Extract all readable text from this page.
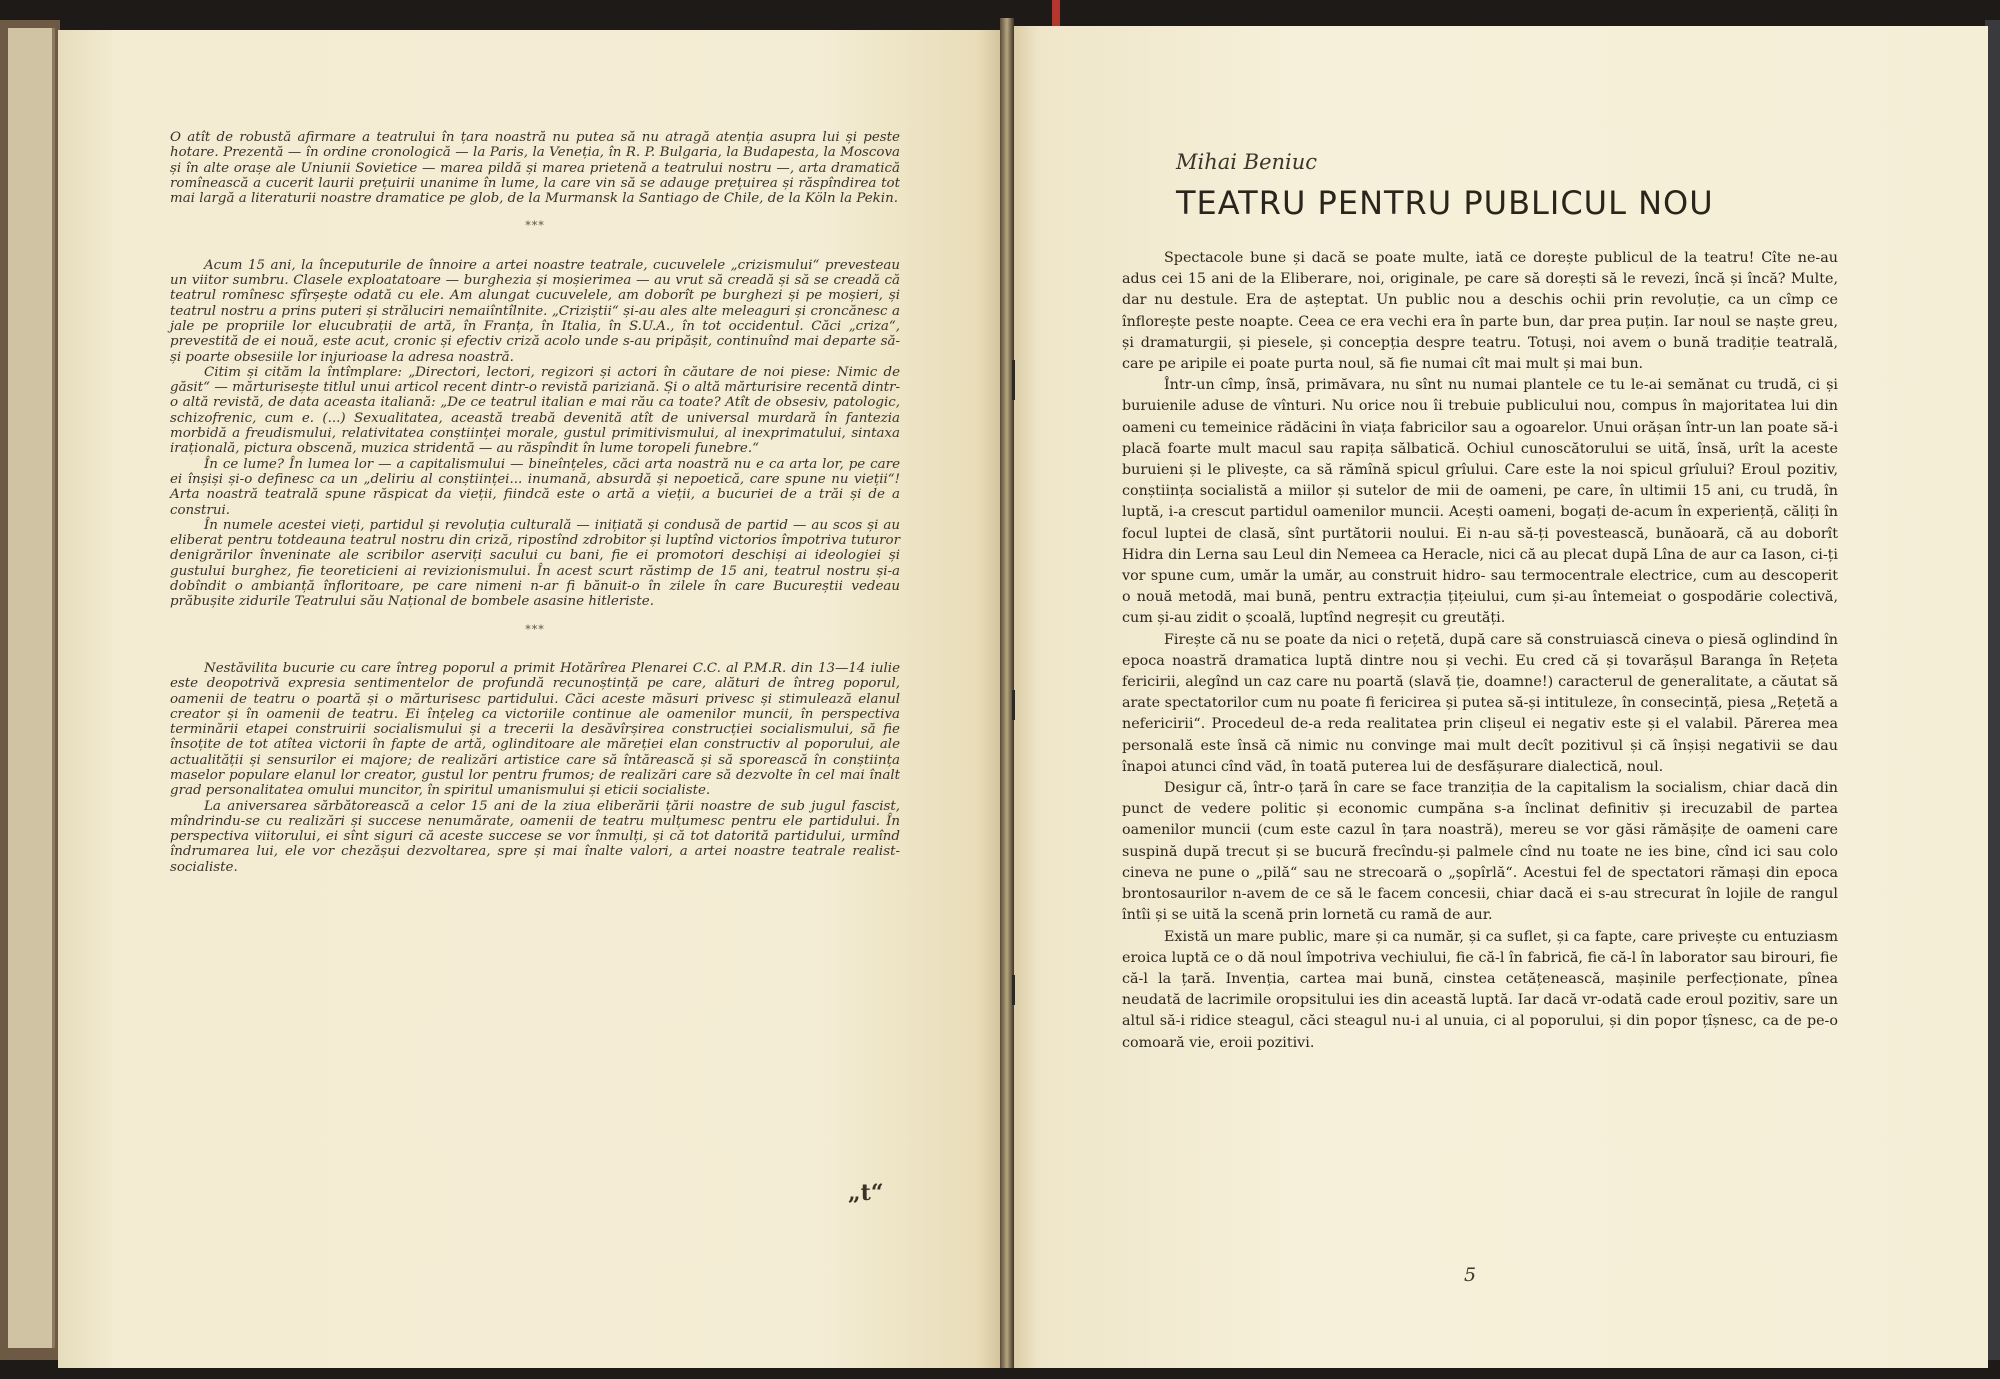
O atît de robustă afirmare a teatrului în țara noastră nu putea să nu atragă atenția asupra lui și peste hotare. Prezentă — în ordine cronologică — la Paris, la Veneția, în R. P. Bulgaria, la Budapesta, la Moscova și în alte orașe ale Uniunii Sovietice — marea pildă și marea prietenă a teatrului nostru —, arta dramatică romînească a cucerit laurii prețuirii unanime în lume, la care vin să se adauge prețuirea și răspîndirea tot mai largă a literaturii noastre dramatice pe glob, de la Murmansk la Santiago de Chile, de la Köln la Pekin.

***

Acum 15 ani, la începuturile de înnoire a artei noastre teatrale, cucuvelele „crizismului“ prevesteau un viitor sumbru. Clasele exploatatoare — burghezia și moșierimea — au vrut să creadă și să se creadă că teatrul romînesc sfîrșește odată cu ele. Am alungat cucuvelele, am doborît pe burghezi și pe moșieri, și teatrul nostru a prins puteri și străluciri nemaiîntîlnite. „Criziștii“ și-au ales alte meleaguri și croncănesc a jale pe propriile lor elucubrații de artă, în Franța, în Italia, în S.U.A., în tot occidentul. Căci „criza“, prevestită de ei nouă, este acut, cronic și efectiv criză acolo unde s-au pripășit, continuînd mai departe să-și poarte obsesiile lor injurioase la adresa noastră.

Citim și cităm la întîmplare: „Directori, lectori, regizori și actori în căutare de noi piese: Nimic de găsit“ — mărturisește titlul unui articol recent dintr-o revistă pariziană. Și o altă mărturisire recentă dintr-o altă revistă, de data aceasta italiană: „De ce teatrul italian e mai rău ca toate? Atît de obsesiv, patologic, schizofrenic, cum e. (...) Sexualitatea, această treabă devenită atît de universal murdară în fantezia morbidă a freudismului, relativitatea conștiinței morale, gustul primitivismului, al inexprimatului, sintaxa irațională, pictura obscenă, muzica stridentă — au răspîndit în lume toropeli funebre.“

În ce lume? În lumea lor — a capitalismului — bineînțeles, căci arta noastră nu e ca arta lor, pe care ei înșiși și-o definesc ca un „deliriu al conștiinței... inumană, absurdă și nepoetică, care spune nu vieții“! Arta noastră teatrală spune răspicat da vieții, fiindcă este o artă a vieții, a bucuriei de a trăi și de a construi.

În numele acestei vieți, partidul și revoluția culturală — inițiată și condusă de partid — au scos și au eliberat pentru totdeauna teatrul nostru din criză, ripostînd zdrobitor și luptînd victorios împotriva tuturor denigrărilor înveninate ale scribilor aserviți sacului cu bani, fie ei promotori deschiși ai ideologiei și gustului burghez, fie teoreticieni ai revizionismului. În acest scurt răstimp de 15 ani, teatrul nostru și-a dobîndit o ambianță înfloritoare, pe care nimeni n-ar fi bănuit-o în zilele în care Bucureștii vedeau prăbușite zidurile Teatrului său Național de bombele asasine hitleriste.

***

Nestăvilita bucurie cu care întreg poporul a primit Hotărîrea Plenarei C.C. al P.M.R. din 13—14 iulie este deopotrivă expresia sentimentelor de profundă recunoștință pe care, alături de întreg poporul, oamenii de teatru o poartă și o mărturisesc partidului. Căci aceste măsuri privesc și stimulează elanul creator și în oamenii de teatru. Ei înțeleg ca victoriile continue ale oamenilor muncii, în perspectiva terminării etapei construirii socialismului și a trecerii la desăvîrșirea construcției socialismului, să fie însoțite de tot atîtea victorii în fapte de artă, oglinditoare ale măreției elan constructiv al poporului, ale actualității și sensurilor ei majore; de realizări artistice care să întărească și să sporească în conștiința maselor populare elanul lor creator, gustul lor pentru frumos; de realizări care să dezvolte în cel mai înalt grad personalitatea omului muncitor, în spiritul umanismului și eticii socialiste.

La aniversarea sărbătorească a celor 15 ani de la ziua eliberării țării noastre de sub jugul fascist, mîndrindu-se cu realizări și succese nenumărate, oamenii de teatru mulțumesc pentru ele partidului. În perspectiva viitorului, ei sînt siguri că aceste succese se vor înmulți, și că tot datorită partidului, urmînd îndrumarea lui, ele vor chezășui dezvoltarea, spre și mai înalte valori, a artei noastre teatrale realist-socialiste.

„t“
Mihai Beniuc
TEATRU PENTRU PUBLICUL NOU

Spectacole bune și dacă se poate multe, iată ce dorește publicul de la teatru! Cîte ne-au adus cei 15 ani de la Eliberare, noi, originale, pe care să dorești să le revezi, încă și încă? Multe, dar nu destule. Era de așteptat. Un public nou a deschis ochii prin revoluție, ca un cîmp ce înflorește peste noapte. Ceea ce era vechi era în parte bun, dar prea puțin. Iar noul se naște greu, și dramaturgii, și piesele, și concepția despre teatru. Totuși, noi avem o bună tradiție teatrală, care pe aripile ei poate purta noul, să fie numai cît mai mult și mai bun.

Într-un cîmp, însă, primăvara, nu sînt nu numai plantele ce tu le-ai semănat cu trudă, ci și buruienile aduse de vînturi. Nu orice nou îi trebuie publicului nou, compus în majoritatea lui din oameni cu temeinice rădăcini în viața fabricilor sau a ogoarelor. Unui orășan într-un lan poate să-i placă foarte mult macul sau rapița sălbatică. Ochiul cunoscătorului se uită, însă, urît la aceste buruieni și le plivește, ca să rămînă spicul grîului. Care este la noi spicul grîului? Eroul pozitiv, conștiința socialistă a miilor și sutelor de mii de oameni, pe care, în ultimii 15 ani, cu trudă, în luptă, i-a crescut partidul oamenilor muncii. Acești oameni, bogați de-acum în experiență, căliți în focul luptei de clasă, sînt purtătorii noului. Ei n-au să-ți povestească, bunăoară, că au doborît Hidra din Lerna sau Leul din Nemeea ca Heracle, nici că au plecat după Lîna de aur ca Iason, ci-ți vor spune cum, umăr la umăr, au construit hidro- sau termocentrale electrice, cum au descoperit o nouă metodă, mai bună, pentru extracția țițeiului, cum și-au întemeiat o gospodărie colectivă, cum și-au zidit o școală, luptînd negreșit cu greutăți.

Firește că nu se poate da nici o rețetă, după care să construiască cineva o piesă oglindind în epoca noastră dramatica luptă dintre nou și vechi. Eu cred că și tovarășul Baranga în Rețeta fericirii, alegînd un caz care nu poartă (slavă ție, doamne!) caracterul de generalitate, a căutat să arate spectatorilor cum nu poate fi fericirea și putea să-și intituleze, în consecință, piesa „Rețetă a nefericirii“. Procedeul de-a reda realitatea prin clișeul ei negativ este și el valabil. Părerea mea personală este însă că nimic nu convinge mai mult decît pozitivul și că înșiși negativii se dau înapoi atunci cînd văd, în toată puterea lui de desfășurare dialectică, noul.

Desigur că, într-o țară în care se face tranziția de la capitalism la socialism, chiar dacă din punct de vedere politic și economic cumpăna s-a înclinat definitiv și irecuzabil de partea oamenilor muncii (cum este cazul în țara noastră), mereu se vor găsi rămășițe de oameni care suspină după trecut și se bucură frecîndu-și palmele cînd nu toate ne ies bine, cînd ici sau colo cineva ne pune o „pilă“ sau ne strecoară o „șopîrlă“. Acestui fel de spectatori rămași din epoca brontosaurilor n-avem de ce să le facem concesii, chiar dacă ei s-au strecurat în lojile de rangul întîi și se uită la scenă prin lornetă cu ramă de aur.

Există un mare public, mare și ca număr, și ca suflet, și ca fapte, care privește cu entuziasm eroica luptă ce o dă noul împotriva vechiului, fie că-l în fabrică, fie că-l în laborator sau birouri, fie că-l la țară. Invenția, cartea mai bună, cinstea cetățenească, mașinile perfecționate, pînea neudată de lacrimile oropsitului ies din această luptă. Iar dacă vr-odată cade eroul pozitiv, sare un altul să-i ridice steagul, căci steagul nu-i al unuia, ci al poporului, și din popor țîșnesc, ca de pe-o comoară vie, eroii pozitivi.

5
